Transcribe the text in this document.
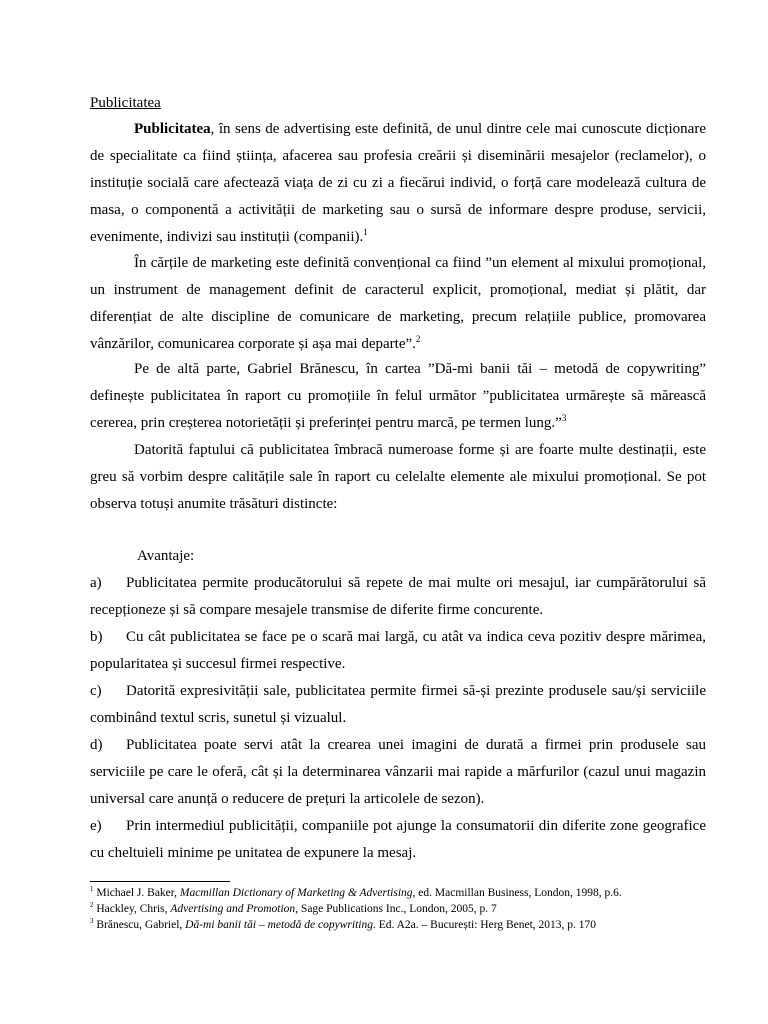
Publicitatea

Publicitatea, în sens de advertising este definită, de unul dintre cele mai cunoscute dicționare de specialitate ca fiind știința, afacerea sau profesia creării și diseminării mesajelor (reclamelor), o instituție socială care afectează viața de zi cu zi a fiecărui individ, o forță care modelează cultura de masa, o componentă a activității de marketing sau o sursă de informare despre produse, servicii, evenimente, indivizi sau instituții (companii).$^1$

În cărțile de marketing este definită convențional ca fiind ”un element al mixului promoțional, un instrument de management definit de caracterul explicit, promoțional, mediat și plătit, dar diferențiat de alte discipline de comunicare de marketing, precum relațiile publice, promovarea vânzărilor, comunicarea corporate și așa mai departe”.$^2$

Pe de altă parte, Gabriel Brănescu, în cartea ”Dă-mi banii tăi – metodă de copywriting” definește publicitatea în raport cu promoțiile în felul următor ”publicitatea urmărește să mărească cererea, prin creșterea notorietății și preferinței pentru marcă, pe termen lung.”$^3$

Datorită faptului că publicitatea îmbracă numeroase forme și are foarte multe destinații, este greu să vorbim despre calitățile sale în raport cu celelalte elemente ale mixului promoțional. Se pot observa totuși anumite trăsături distincte:

Avantaje:

a) Publicitatea permite producătorului să repete de mai multe ori mesajul, iar cumpărătorului să recepționeze și să compare mesajele transmise de diferite firme concurente.

b) Cu cât publicitatea se face pe o scară mai largă, cu atât va indica ceva pozitiv despre mărimea, popularitatea și succesul firmei respective.

c) Datorită expresivității sale, publicitatea permite firmei să-și prezinte produsele sau/și serviciile combinând textul scris, sunetul și vizualul.

d) Publicitatea poate servi atât la crearea unei imagini de durată a firmei prin produsele sau serviciile pe care le oferă, cât și la determinarea vânzarii mai rapide a mărfurilor (cazul unui magazin universal care anunță o reducere de prețuri la articolele de sezon).

e) Prin intermediul publicității, companiile pot ajunge la consumatorii din diferite zone geografice cu cheltuieli minime pe unitatea de expunere la mesaj.

$^1$ Michael J. Baker, Macmillan Dictionary of Marketing & Advertising, ed. Macmillan Business, London, 1998, p.6.

$^2$ Hackley, Chris, Advertising and Promotion, Sage Publications Inc., London, 2005, p. 7

$^3$ Brănescu, Gabriel, Dă-mi banii tăi – metodă de copywriting. Ed. A2a. – București: Herg Benet, 2013, p. 170
